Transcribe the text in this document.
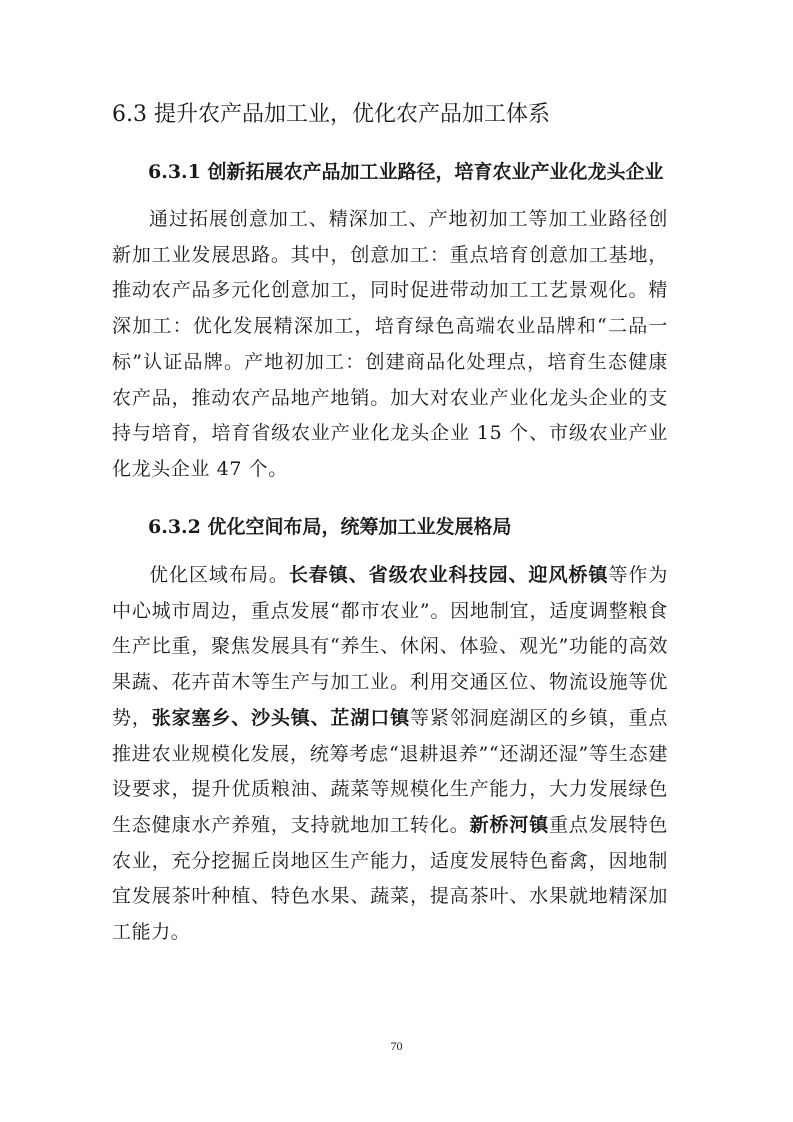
6.3 提升农产品加工业，优化农产品加工体系
6.3.1 创新拓展农产品加工业路径，培育农业产业化龙头企业
通过拓展创意加工、精深加工、产地初加工等加工业路径创新加工业发展思路。其中，创意加工：重点培育创意加工基地，推动农产品多元化创意加工，同时促进带动加工工艺景观化。精深加工：优化发展精深加工，培育绿色高端农业品牌和“二品一标”认证品牌。产地初加工：创建商品化处理点，培育生态健康农产品，推动农产品地产地销。加大对农业产业化龙头企业的支持与培育，培育省级农业产业化龙头企业 15 个、市级农业产业化龙头企业 47 个。
6.3.2 优化空间布局，统筹加工业发展格局
优化区域布局。长春镇、省级农业科技园、迎风桥镇等作为中心城市周边，重点发展“都市农业”。因地制宜，适度调整粮食生产比重，聚焦发展具有“养生、休闲、体验、观光”功能的高效果蔬、花卉苗木等生产与加工业。利用交通区位、物流设施等优势，张家塞乡、沙头镇、芷湖口镇等紧邻洞庭湖区的乡镇，重点推进农业规模化发展，统筹考虑“退耕退养”“还湖还湿”等生态建设要求，提升优质粮油、蔬菜等规模化生产能力，大力发展绿色生态健康水产养殖，支持就地加工转化。新桥河镇重点发展特色农业，充分挖掘丘岗地区生产能力，适度发展特色畜禽，因地制宜发展茶叶种植、特色水果、蔬菜，提高茶叶、水果就地精深加工能力。
70
